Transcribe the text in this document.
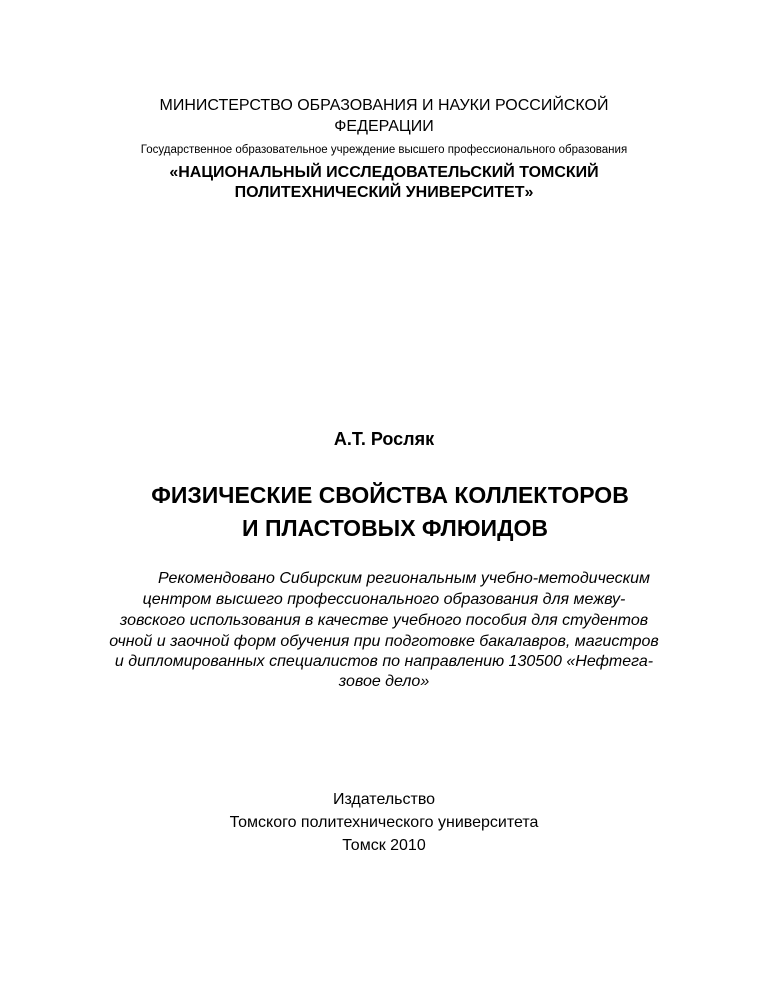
МИНИСТЕРСТВО ОБРАЗОВАНИЯ И НАУКИ РОССИЙСКОЙ
ФЕДЕРАЦИИ
Государственное образовательное учреждение высшего профессионального образования
«НАЦИОНАЛЬНЫЙ ИССЛЕДОВАТЕЛЬСКИЙ ТОМСКИЙ
ПОЛИТЕХНИЧЕСКИЙ УНИВЕРСИТЕТ»
А.Т. Росляк
ФИЗИЧЕСКИЕ СВОЙСТВА КОЛЛЕКТОРОВ
И ПЛАСТОВЫХ ФЛЮИДОВ
Рекомендовано Сибирским региональным учебно-методическим
центром высшего профессионального образования для межву-
зовского использования в качестве учебного пособия для студентов
очной и заочной форм обучения при подготовке бакалавров, магистров
и дипломированных специалистов по направлению 130500 «Нефтега-
зовое дело»
Издательство
Томского политехнического университета
Томск 2010
